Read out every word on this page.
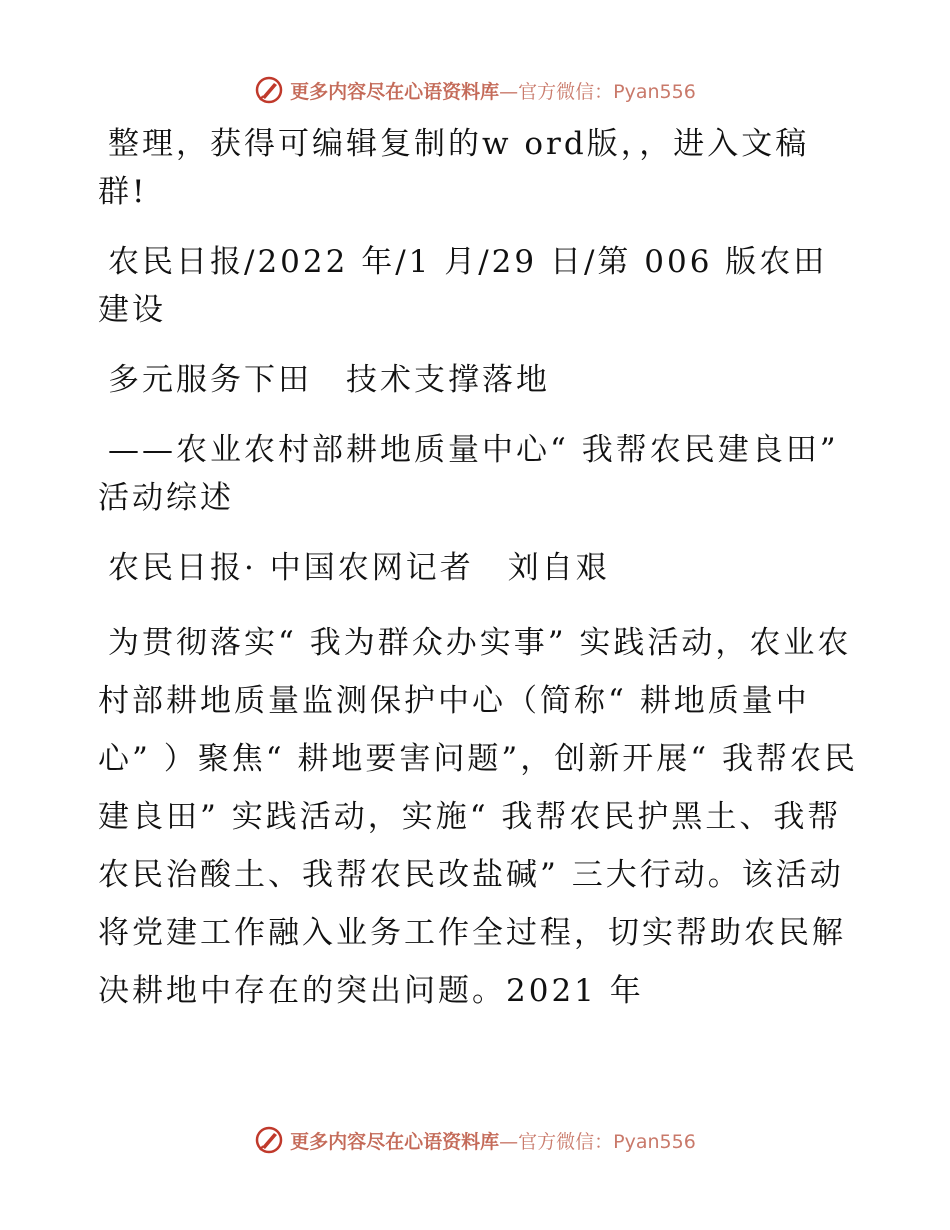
更多内容尽在心语资料库—官方微信：Pyan556

整理，获得可编辑复制的w ord版，，进入文稿群!

农民日报/2022 年/1 月/29 日/第 006 版农田建设

多元服务下田　技术支撑落地

——农业农村部耕地质量中心“ 我帮农民建良田” 活动综述

农民日报· 中国农网记者　刘自艰

为贯彻落实“ 我为群众办实事” 实践活动，农业农村部耕地质量监测保护中心（简称“ 耕地质量中心” ）聚焦“ 耕地要害问题”，创新开展“ 我帮农民建良田” 实践活动，实施“ 我帮农民护黑土、我帮农民治酸土、我帮农民改盐碱” 三大行动。该活动将党建工作融入业务工作全过程，切实帮助农民解决耕地中存在的突出问题。2021 年

更多内容尽在心语资料库—官方微信：Pyan556
